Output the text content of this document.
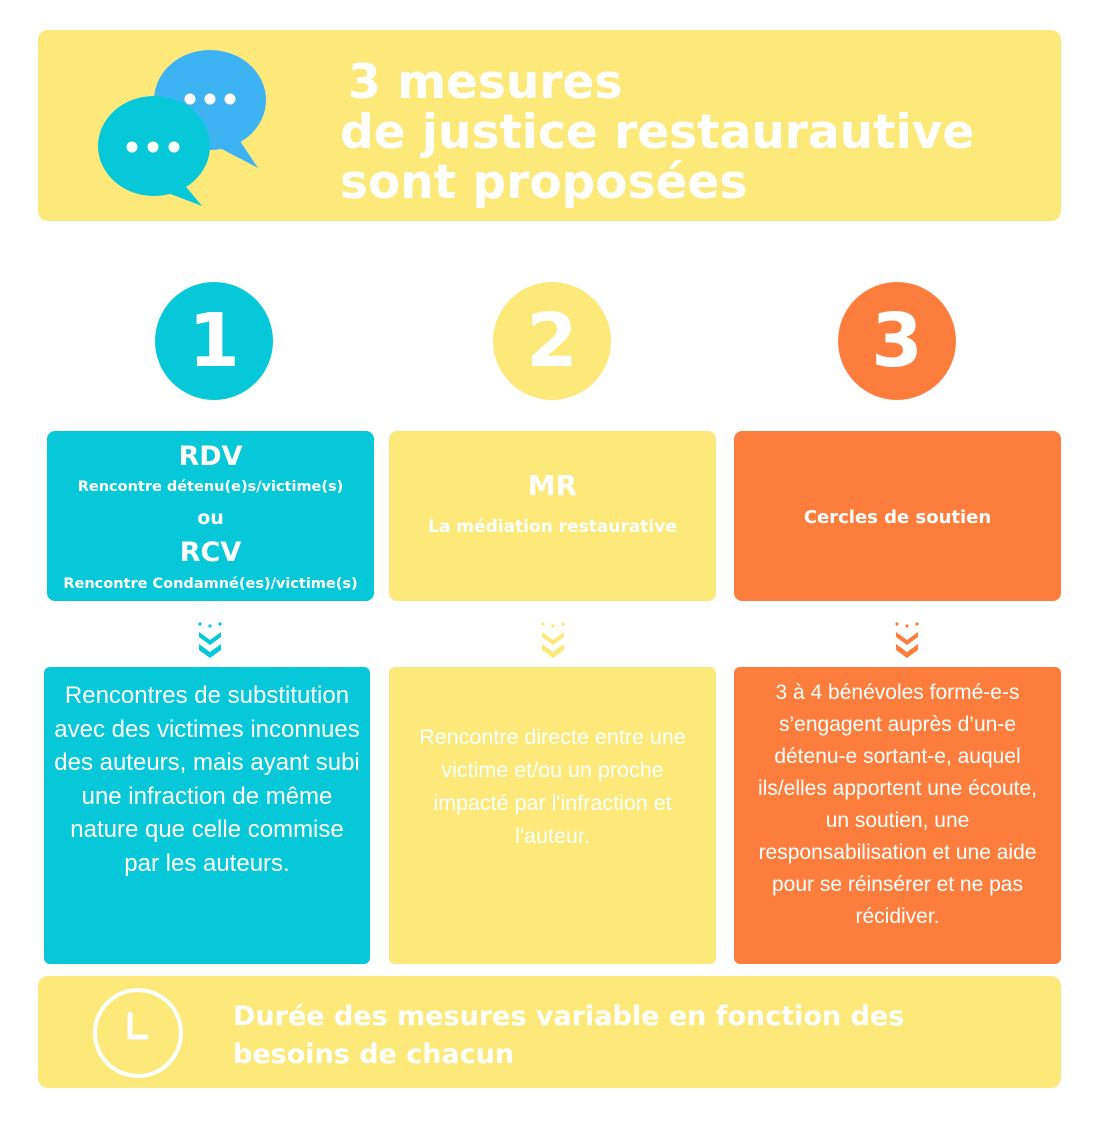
3 mesures
de justice restaurautive
sont proposées
1	2	3
RDV
Rencontre détenu(e)s/victime(s)
ou
RCV
Rencontre Condamné(es)/victime(s)
MR
La médiation restaurative	Cercles de soutien
Rencontres de substitution avec des victimes inconnues des auteurs, mais ayant subi une infraction de même nature que celle commise par les auteurs.
Rencontre directe entre une victime et/ou un proche impacté par l'infraction et l'auteur.
3 à 4 bénévoles formé-e-s s’engagent auprès d’un-e détenu-e sortant-e, auquel ils/elles apportent une écoute, un soutien, une responsabilisation et une aide pour se réinsérer et ne pas récidiver.
Durée des mesures variable en fonction des besoins de chacun
